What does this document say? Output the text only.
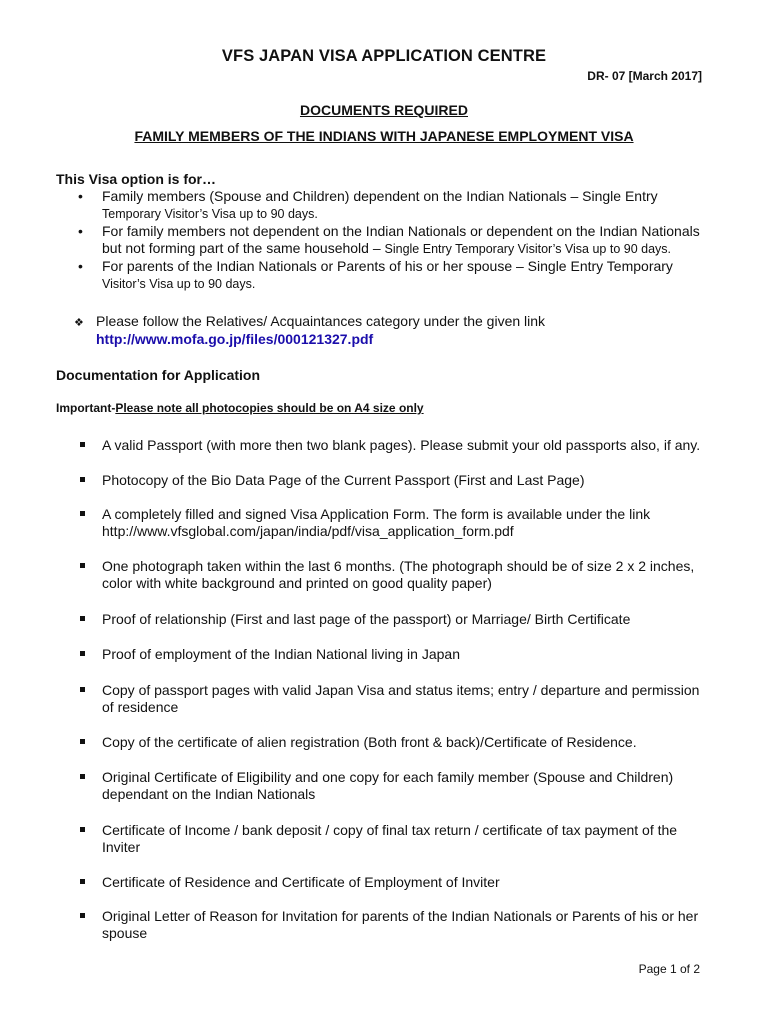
VFS JAPAN VISA APPLICATION CENTRE
DR- 07 [March 2017]
DOCUMENTS REQUIRED
FAMILY MEMBERS OF THE INDIANS WITH JAPANESE EMPLOYMENT VISA
This Visa option is for…
• Family members (Spouse and Children) dependent on the Indian Nationals – Single Entry
Temporary Visitor’s Visa up to 90 days.
• For family members not dependent on the Indian Nationals or dependent on the Indian Nationals
but not forming part of the same household – Single Entry Temporary Visitor’s Visa up to 90 days.
• For parents of the Indian Nationals or Parents of his or her spouse – Single Entry Temporary
Visitor’s Visa up to 90 days.
❖ Please follow the Relatives/ Acquaintances category under the given link
http://www.mofa.go.jp/files/000121327.pdf
Documentation for Application
Important-Please note all photocopies should be on A4 size only
A valid Passport (with more then two blank pages). Please submit your old passports also, if any.
Photocopy of the Bio Data Page of the Current Passport (First and Last Page)
A completely filled and signed Visa Application Form. The form is available under the link
http://www.vfsglobal.com/japan/india/pdf/visa_application_form.pdf
One photograph taken within the last 6 months. (The photograph should be of size 2 x 2 inches,
color with white background and printed on good quality paper)
Proof of relationship (First and last page of the passport) or Marriage/ Birth Certificate
Proof of employment of the Indian National living in Japan
Copy of passport pages with valid Japan Visa and status items; entry / departure and permission
of residence
Copy of the certificate of alien registration (Both front & back)/Certificate of Residence.
Original Certificate of Eligibility and one copy for each family member (Spouse and Children)
dependant on the Indian Nationals
Certificate of Income / bank deposit / copy of final tax return / certificate of tax payment of the
Inviter
Certificate of Residence and Certificate of Employment of Inviter
Original Letter of Reason for Invitation for parents of the Indian Nationals or Parents of his or her
spouse
Page 1 of 2
